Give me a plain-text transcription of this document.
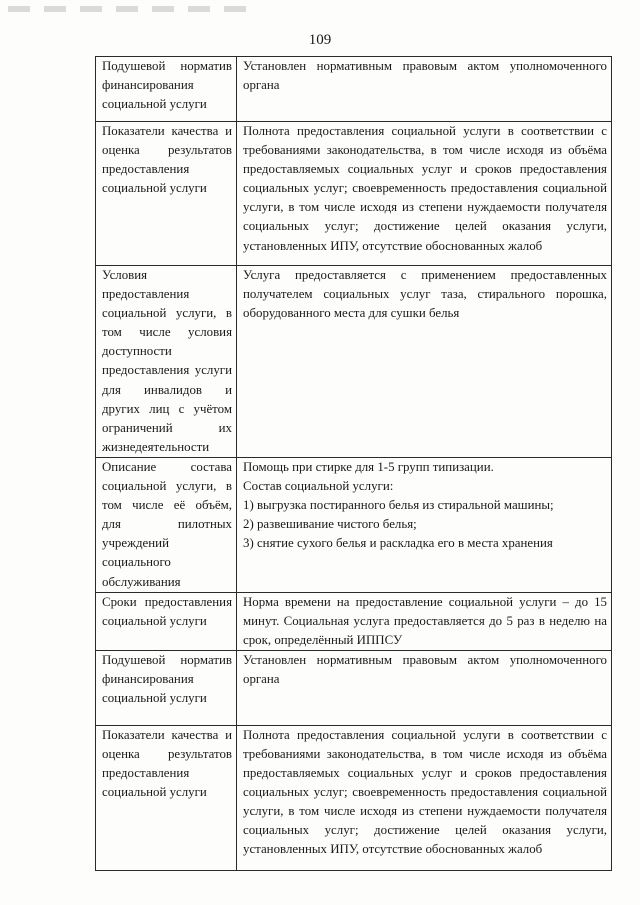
109
Подушевой норматив финансирования социальной услуги	Установлен нормативным правовым актом уполномоченного органа
Показатели качества и оценка результатов предоставления социальной услуги	Полнота предоставления социальной услуги в соответствии с требованиями законодательства, в том числе исходя из объёма предоставляемых социальных услуг и сроков предоставления социальных услуг; своевременность предоставления социальной услуги, в том числе исходя из степени нуждаемости получателя социальных услуг; достижение целей оказания услуги, установленных ИПУ, отсутствие обоснованных жалоб
Условия предоставления социальной услуги, в том числе условия доступности предоставления услуги для инвалидов и других лиц с учётом ограничений их жизнедеятельности	Услуга предоставляется с применением предоставленных получателем социальных услуг таза, стирального порошка, оборудованного места для сушки белья
Описание состава социальной услуги, в том числе её объём, для пилотных учреждений социального обслуживания	Помощь при стирке для 1-5 групп типизации.
Состав социальной услуги:
1) выгрузка постиранного белья из стиральной машины;
2) развешивание чистого белья;
3) снятие сухого белья и раскладка его в места хранения

Сроки предоставления социальной услуги	Норма времени на предоставление социальной услуги – до 15 минут. Социальная услуга предоставляется до 5 раз в неделю на срок, определённый ИППСУ
Подушевой норматив финансирования социальной услуги	Установлен нормативным правовым актом уполномоченного органа
Показатели качества и оценка результатов предоставления социальной услуги	Полнота предоставления социальной услуги в соответствии с требованиями законодательства, в том числе исходя из объёма предоставляемых социальных услуг и сроков предоставления социальных услуг; своевременность предоставления социальной услуги, в том числе исходя из степени нуждаемости получателя социальных услуг; достижение целей оказания услуги, установленных ИПУ, отсутствие обоснованных жалоб
